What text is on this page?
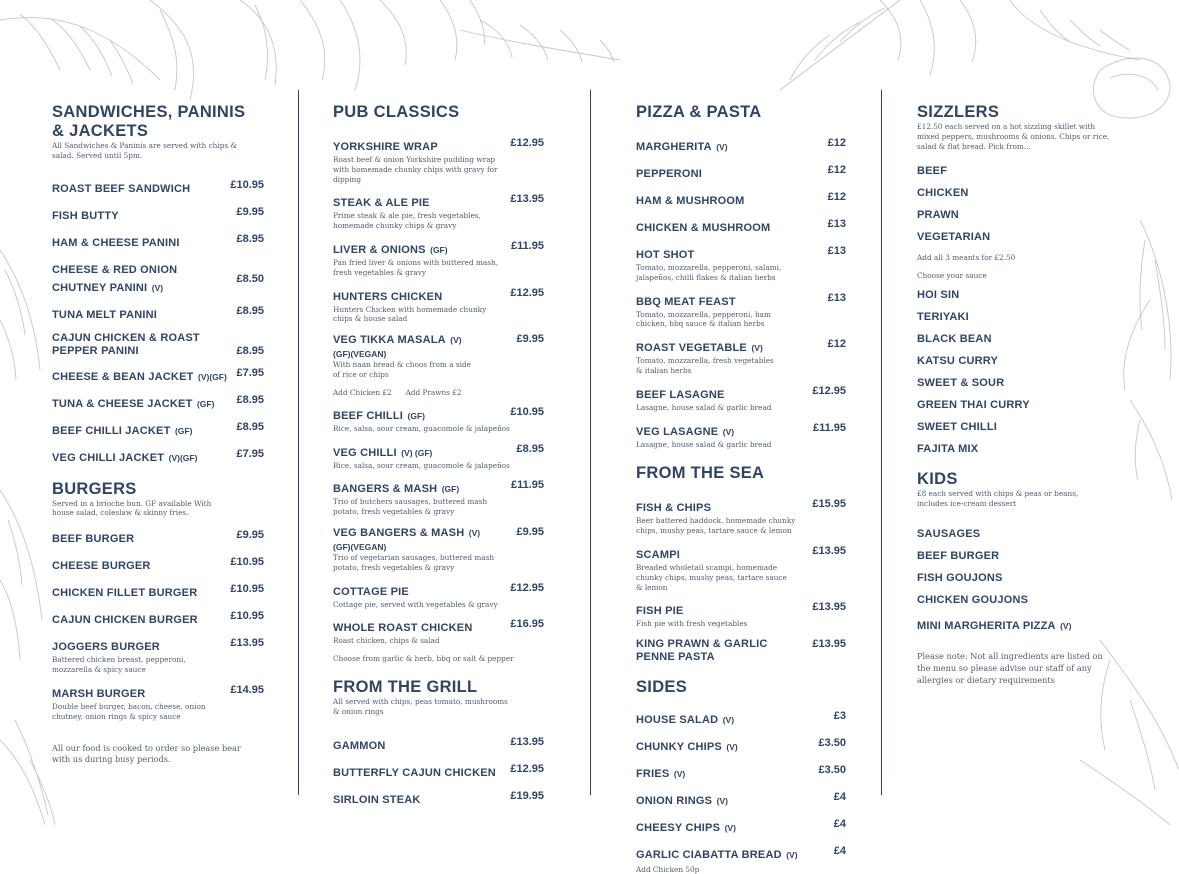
SANDWICHES, PANINIS & JACKETS
All Sandwiches & Paninis are served with chips & salad. Served until 5pm.
ROAST BEEF SANDWICH	£10.95
FISH BUTTY	£9.95
HAM & CHEESE PANINI	£8.95
CHEESE & RED ONION CHUTNEY PANINI (V)
£8.50
TUNA MELT PANINI	£8.95
CAJUN CHICKEN & ROAST PEPPER PANINI	£8.95
CHEESE & BEAN JACKET (V)(GF) £7.95
TUNA & CHEESE JACKET (GF) £8.95
BEEF CHILLI JACKET (GF)	£8.95
VEG CHILLI JACKET (V)(GF)	£7.95
BURGERS
Served in a brioche bun. GF available With house salad, coleslaw & skinny fries.
BEEF BURGER	£9.95
CHEESE BURGER	£10.95
CHICKEN FILLET BURGER	£10.95
CAJUN CHICKEN BURGER	£10.95
JOGGERS BURGER	£13.95
Battered chicken breast, pepperoni, mozzarella & spicy sauce
MARSH BURGER	£14.95
Double beef burger, bacon, cheese, onion chutney, onion rings & spicy sauce
All our food is cooked to order so please bear with us during busy periods.
PUB CLASSICS
YORKSHIRE WRAP	£12.95
Roast beef & onion Yorkshire pudding wrap with homemade chunky chips with gravy for dipping
STEAK & ALE PIE	£13.95
Prime steak & ale pie, fresh vegetables, homemade chunky chips & gravy
LIVER & ONIONS (GF)	£11.95
Pan fried liver & onions with buttered mash, fresh vegetables & gravy
HUNTERS CHICKEN	£12.95
Hunters Chicken with homemade chunky chips & house salad
VEG TIKKA MASALA (V)(GF)(VEGAN)
£9.95
With naan bread & choos from a side of rice or chips
Add Chicken £2      Add Prawns £2
BEEF CHILLI (GF)	£10.95
Rice, salsa, sour cream, guacomole & jalapeños
VEG CHILLI (V) (GF)	£8.95
Rice, salsa, sour cream, guacomole & jalapeños
BANGERS & MASH (GF)	£11.95
Trio of butchers sausages, buttered mash potato, fresh vegetables & gravy
VEG BANGERS & MASH (V)(GF)(VEGAN)
£9.95
Trio of vegetarian sausages, buttered mash potato, fresh vegetables & gravy
COTTAGE PIE	£12.95
Cottage pie, served with vegetables & gravy
WHOLE ROAST CHICKEN	£16.95
Roast chicken, chips & salad
Choose from garlic & herb, bbq or salt & pepper
FROM THE GRILL
All served with chips, peas tomato, mushrooms & onion rings
GAMMON	£13.95
BUTTERFLY CAJUN CHICKEN £12.95
SIRLOIN STEAK	£19.95
PIZZA & PASTA
MARGHERITA (V)	£12
PEPPERONI	£12
HAM & MUSHROOM	£12
CHICKEN & MUSHROOM	£13
HOT SHOT	£13
Tomato, mozzarella, pepperoni, salami, jalapeños, chilli flakes & italian herbs
BBQ MEAT FEAST	£13
Tomato, mozzarella, pepperoni, ham chicken, bbq sauce & italian herbs
ROAST VEGETABLE (V)	£12
Tomato, mozzarella, fresh vegetables & italian herbs
BEEF LASAGNE	£12.95
Lasagne, house salad & garlic bread
VEG LASAGNE (V)	£11.95
Lasagne, house salad & garlic bread
FROM THE SEA
FISH & CHIPS	£15.95
Beer battered haddock, homemade chunky chips, mushy peas, tartare sauce & lemon
SCAMPI	£13.95
Breaded wholetail scampi, homemade chunky chips, mushy peas, tartare sauce & lemon
FISH PIE	£13.95
Fish pie with fresh vegetables
KING PRAWN & GARLIC PENNE PASTA
£13.95
SIDES
HOUSE SALAD (V)	£3
CHUNKY CHIPS (V)	£3.50
FRIES (V)	£3.50
ONION RINGS (V)	£4
CHEESY CHIPS (V)	£4
GARLIC CIABATTA BREAD (V)	£4
Add Chicken 50p
SIZZLERS
£12.50 each served on a hot sizzling skillet with mixed peppers, mushrooms & onions. Chips or rice, salad & flat bread. Pick from...
BEEF
CHICKEN
PRAWN
VEGETARIAN
Add all 3 meants for £2.50
Choose your sauce
HOI SIN
TERIYAKI
BLACK BEAN
KATSU CURRY
SWEET & SOUR
GREEN THAI CURRY
SWEET CHILLI
FAJITA MIX
KIDS
£8 each served with chips & peas or beans, includes ice-cream dessert
SAUSAGES
BEEF BURGER
FISH GOUJONS
CHICKEN GOUJONS
MINI MARGHERITA PIZZA (V)
Please note: Not all ingredients are listed on the menu so please advise our staff of any allergies or dietary requirements
